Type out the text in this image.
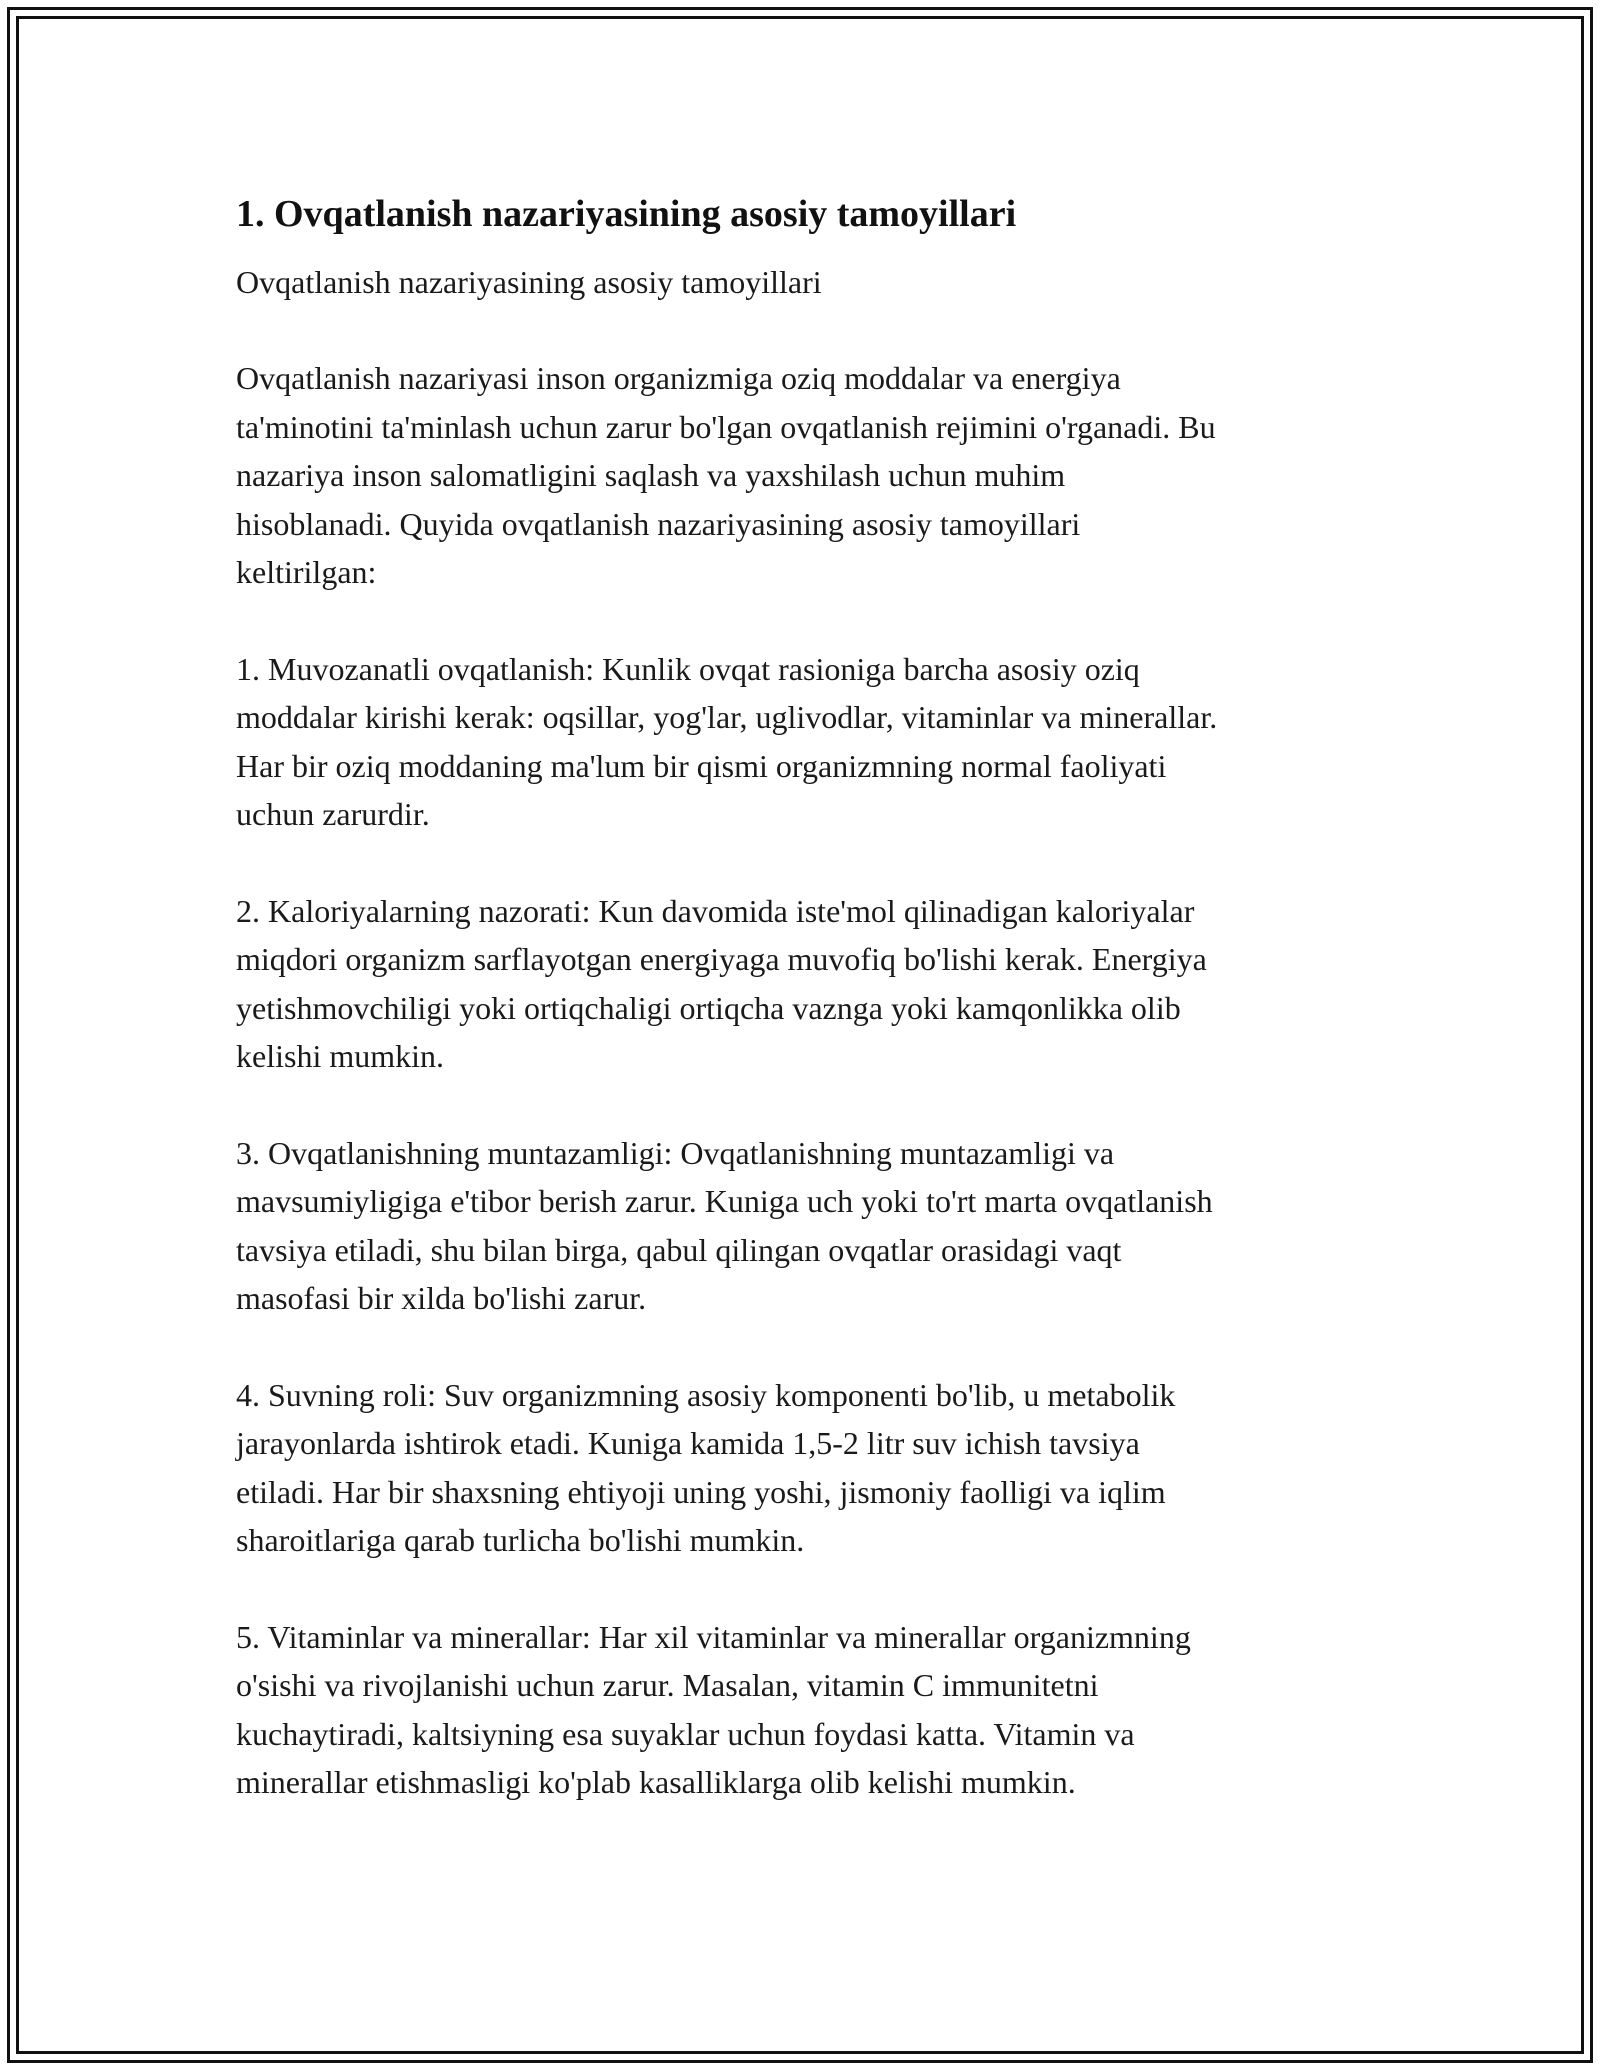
1. Ovqatlanish nazariyasining asosiy tamoyillari

Ovqatlanish nazariyasining asosiy tamoyillari

Ovqatlanish nazariyasi inson organizmiga oziq moddalar va energiya
ta'minotini ta'minlash uchun zarur bo'lgan ovqatlanish rejimini o'rganadi. Bu
nazariya inson salomatligini saqlash va yaxshilash uchun muhim
hisoblanadi. Quyida ovqatlanish nazariyasining asosiy tamoyillari
keltirilgan:

1. Muvozanatli ovqatlanish: Kunlik ovqat rasioniga barcha asosiy oziq
moddalar kirishi kerak: oqsillar, yog'lar, uglivodlar, vitaminlar va minerallar.
Har bir oziq moddaning ma'lum bir qismi organizmning normal faoliyati
uchun zarurdir.

2. Kaloriyalarning nazorati: Kun davomida iste'mol qilinadigan kaloriyalar
miqdori organizm sarflayotgan energiyaga muvofiq bo'lishi kerak. Energiya
yetishmovchiligi yoki ortiqchaligi ortiqcha vaznga yoki kamqonlikka olib
kelishi mumkin.

3. Ovqatlanishning muntazamligi: Ovqatlanishning muntazamligi va
mavsumiyligiga e'tibor berish zarur. Kuniga uch yoki to'rt marta ovqatlanish
tavsiya etiladi, shu bilan birga, qabul qilingan ovqatlar orasidagi vaqt
masofasi bir xilda bo'lishi zarur.

4. Suvning roli: Suv organizmning asosiy komponenti bo'lib, u metabolik
jarayonlarda ishtirok etadi. Kuniga kamida 1,5-2 litr suv ichish tavsiya
etiladi. Har bir shaxsning ehtiyoji uning yoshi, jismoniy faolligi va iqlim
sharoitlariga qarab turlicha bo'lishi mumkin.

5. Vitaminlar va minerallar: Har xil vitaminlar va minerallar organizmning
o'sishi va rivojlanishi uchun zarur. Masalan, vitamin C immunitetni
kuchaytiradi, kaltsiyning esa suyaklar uchun foydasi katta. Vitamin va
minerallar etishmasligi ko'plab kasalliklarga olib kelishi mumkin.
